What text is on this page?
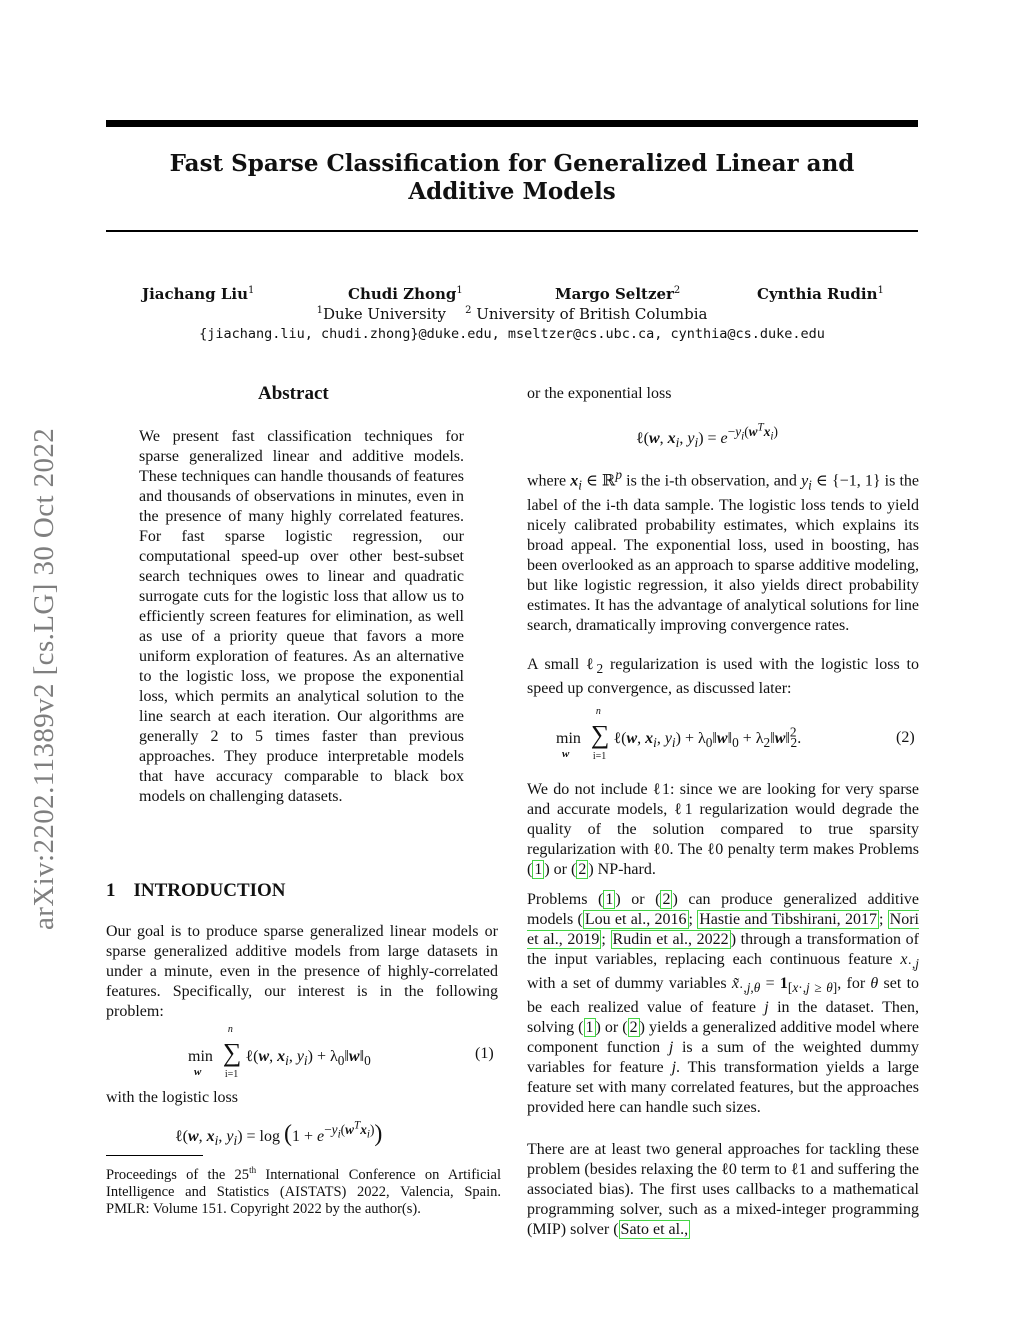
Fast Sparse Classification for Generalized Linear and
Additive Models
Jiachang Liu$^1$	Chudi Zhong$^1$	Margo Seltzer$^2$	Cynthia Rudin$^1$
$^1$Duke University $^2$ University of British Columbia
{jiachang.liu, chudi.zhong}@duke.edu, mseltzer@cs.ubc.ca, cynthia@cs.duke.edu
arXiv:2202.11389v2 [cs.LG] 30 Oct 2022
Abstract

We present fast classification techniques for sparse generalized linear and additive models. These techniques can handle thousands of features and thousands of observations in minutes, even in the presence of many highly correlated features. For fast sparse logistic regression, our computational speed-up over other best-subset search techniques owes to linear and quadratic surrogate cuts for the logistic loss that allow us to efficiently screen features for elimination, as well as use of a priority queue that favors a more uniform exploration of features. As an alternative to the logistic loss, we propose the exponential loss, which permits an analytical solution to the line search at each iteration. Our algorithms are generally 2 to 5 times faster than previous approaches. They produce interpretable models that have accuracy comparable to black box models on challenging datasets.

1 INTRODUCTION

Our goal is to produce sparse generalized linear models or sparse generalized additive models from large datasets in under a minute, even in the presence of highly-correlated features. Specifically, our interest is in the following problem:

min
w
∑
n
i=1
ℓ(w, $x_i$, $y_i$) + $\lambda_0‖w‖_0$	(1)

with the logistic loss

ℓ(w, $x_i$, $y_i) = \log (1 + e^{-y_i(w^Tx_i)})$

Proceedings of the 25th International Conference on Artificial Intelligence and Statistics (AISTATS) 2022, Valencia, Spain. PMLR: Volume 151. Copyright 2022 by the author(s).

or the exponential loss

ℓ(w, $x_i$, $y_i) = e^{-y_i(w^Tx_i)}$

where $x_i$ ∈ ℝ$^p$ is the i-th observation, and $y_i$ ∈ {−1, 1} is the label of the i-th data sample. The logistic loss tends to yield nicely calibrated probability estimates, which explains its broad appeal. The exponential loss, used in boosting, has been overlooked as an approach to sparse additive modeling, but like logistic regression, it also yields direct probability estimates. It has the advantage of analytical solutions for line search, dramatically improving convergence rates.

A small ℓ$_2$ regularization is used with the logistic loss to speed up convergence, as discussed later:

min
w
∑
n
i=1
ℓ(w, $x_i$, $y_i$) + $\lambda_0‖w‖_0$ + $\lambda_2‖w‖^2_2$.	(2)

We do not include ℓ1: since we are looking for very sparse and accurate models, ℓ1 regularization would degrade the quality of the solution compared to true sparsity regularization with ℓ0. The ℓ0 penalty term makes Problems ( 1 ) or ( 2 ) NP-hard.

Problems ( 1 ) or ( 2 ) can produce generalized additive models ( Lou et al., 2016 ; Hastie and Tibshirani, 2017 ; Nori et al., 2019 ; Rudin et al., 2022 ) through a transformation of the input variables, replacing each continuous feature $x_{\cdot,j}$ with a set of dummy variables $x̃_{\cdot,j,\theta} = 1_{[x\cdot,j \ge \theta]}$, for θ set to be each realized value of feature j in the dataset. Then, solving ( 1 ) or ( 2 ) yields a generalized additive model where component function j is a sum of the weighted dummy variables for feature j. This transformation yields a large feature set with many correlated features, but the approaches provided here can handle such sizes.

There are at least two general approaches for tackling these problem (besides relaxing the ℓ0 term to ℓ1 and suffering the associated bias). The first uses callbacks to a mathematical programming solver, such as a mixed-integer programming (MIP) solver ( Sato et al.,
